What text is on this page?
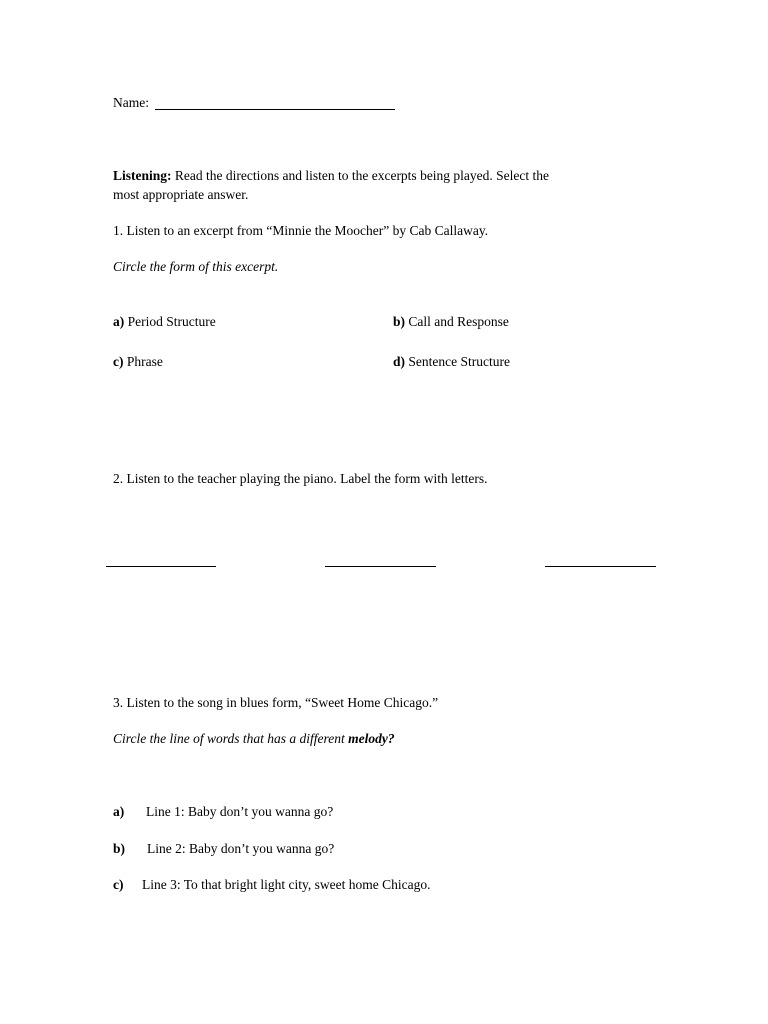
Name:
Listening: Read the directions and listen to the excerpts being played. Select the
most appropriate answer.
1. Listen to an excerpt from “Minnie the Moocher” by Cab Callaway.
Circle the form of this excerpt.
a) Period Structure	b) Call and Response
c) Phrase	d) Sentence Structure
2. Listen to the teacher playing the piano. Label the form with letters.
3. Listen to the song in blues form, “Sweet Home Chicago.”
Circle the line of words that has a different melody?
a) Line 1: Baby don’t you wanna go?
b) Line 2: Baby don’t you wanna go?
c) Line 3: To that bright light city, sweet home Chicago.
